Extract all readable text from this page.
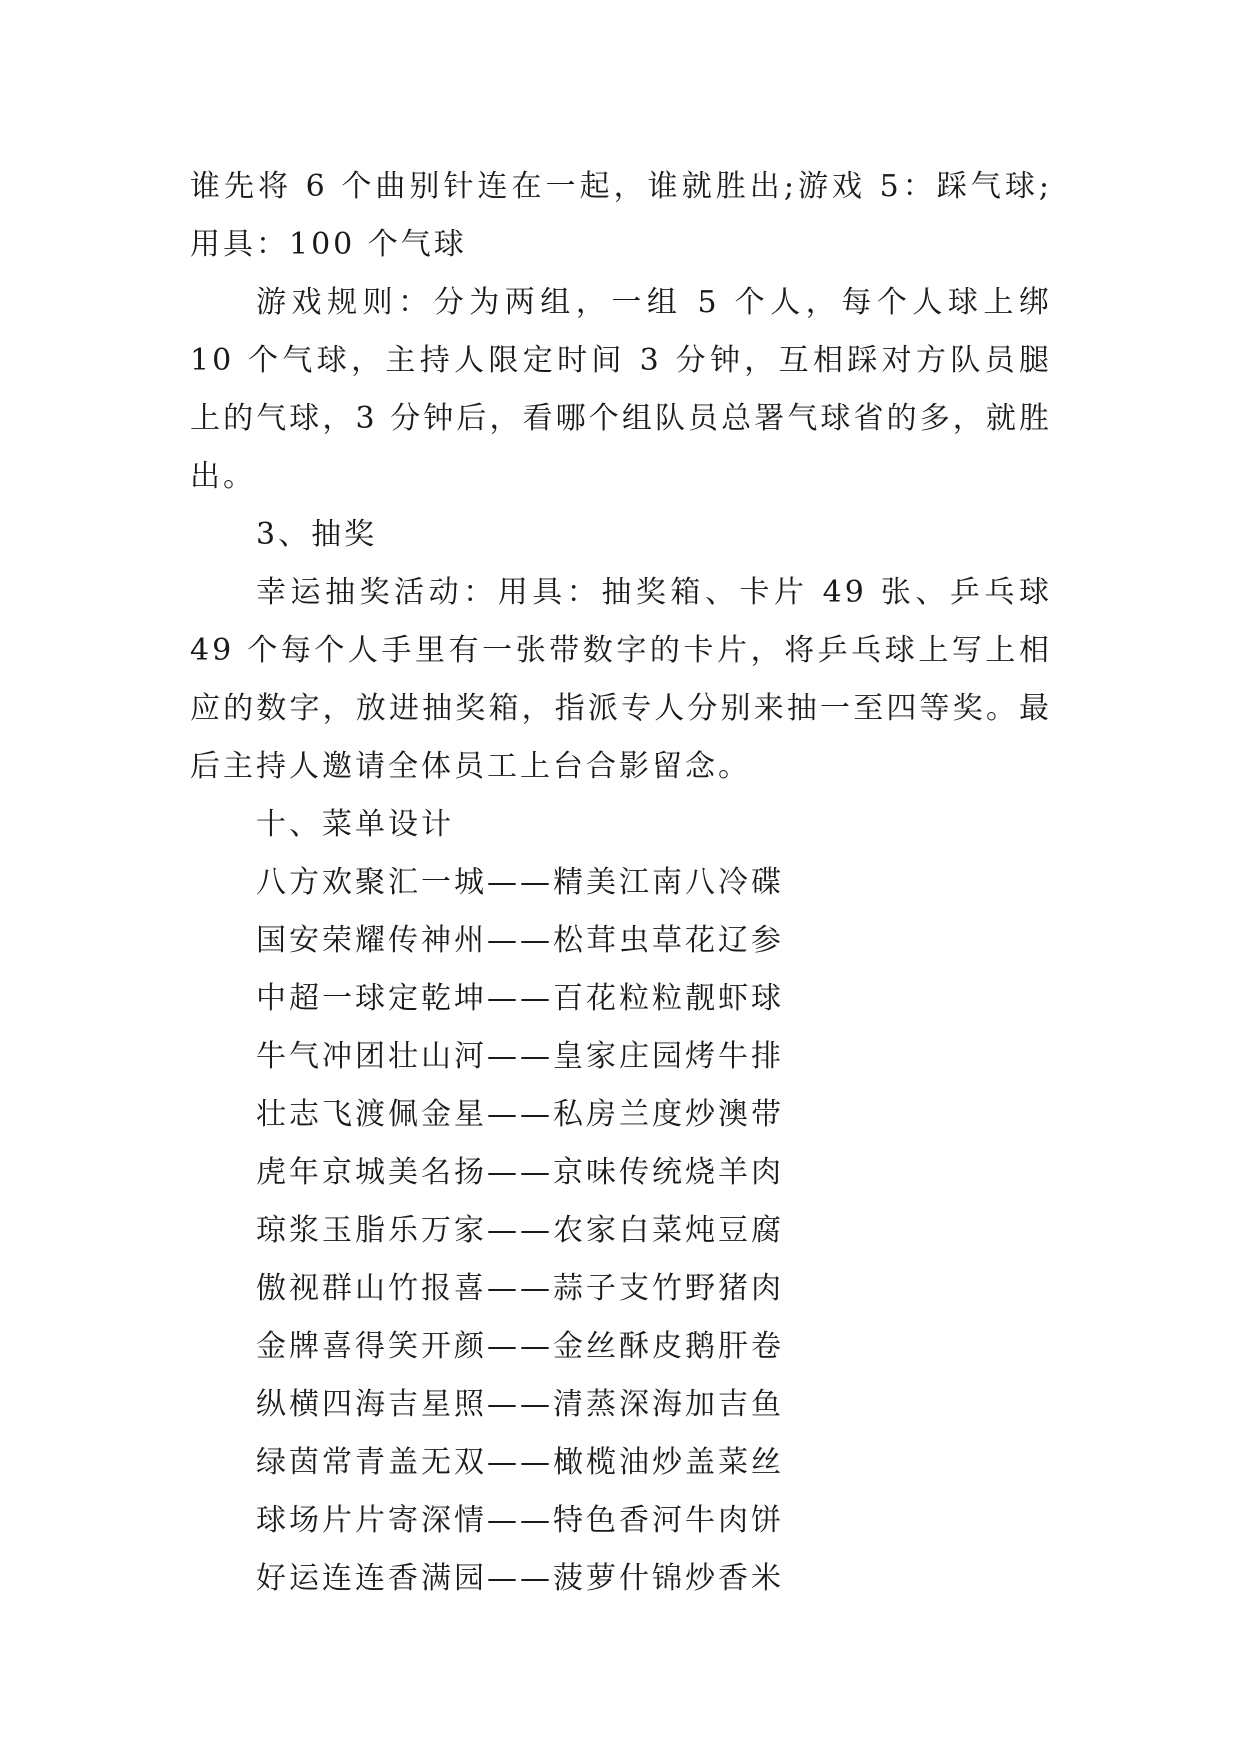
谁先将 6 个曲别针连在一起，谁就胜出;游戏 5：踩气球;用具：100 个气球

游戏规则：分为两组，一组 5 个人，每个人球上绑 10 个气球，主持人限定时间 3 分钟，互相踩对方队员腿上的气球，3 分钟后，看哪个组队员总署气球省的多，就胜出。

3、抽奖

幸运抽奖活动：用具：抽奖箱、卡片 49 张、乒乓球 49 个每个人手里有一张带数字的卡片，将乒乓球上写上相应的数字，放进抽奖箱，指派专人分别来抽一至四等奖。最后主持人邀请全体员工上台合影留念。

十、菜单设计

八方欢聚汇一城——精美江南八冷碟

国安荣耀传神州——松茸虫草花辽参

中超一球定乾坤——百花粒粒靓虾球

牛气冲团壮山河——皇家庄园烤牛排

壮志飞渡佩金星——私房兰度炒澳带

虎年京城美名扬——京味传统烧羊肉

琼浆玉脂乐万家——农家白菜炖豆腐

傲视群山竹报喜——蒜子支竹野猪肉

金牌喜得笑开颜——金丝酥皮鹅肝卷

纵横四海吉星照——清蒸深海加吉鱼

绿茵常青盖无双——橄榄油炒盖菜丝

球场片片寄深情——特色香河牛肉饼

好运连连香满园——菠萝什锦炒香米
